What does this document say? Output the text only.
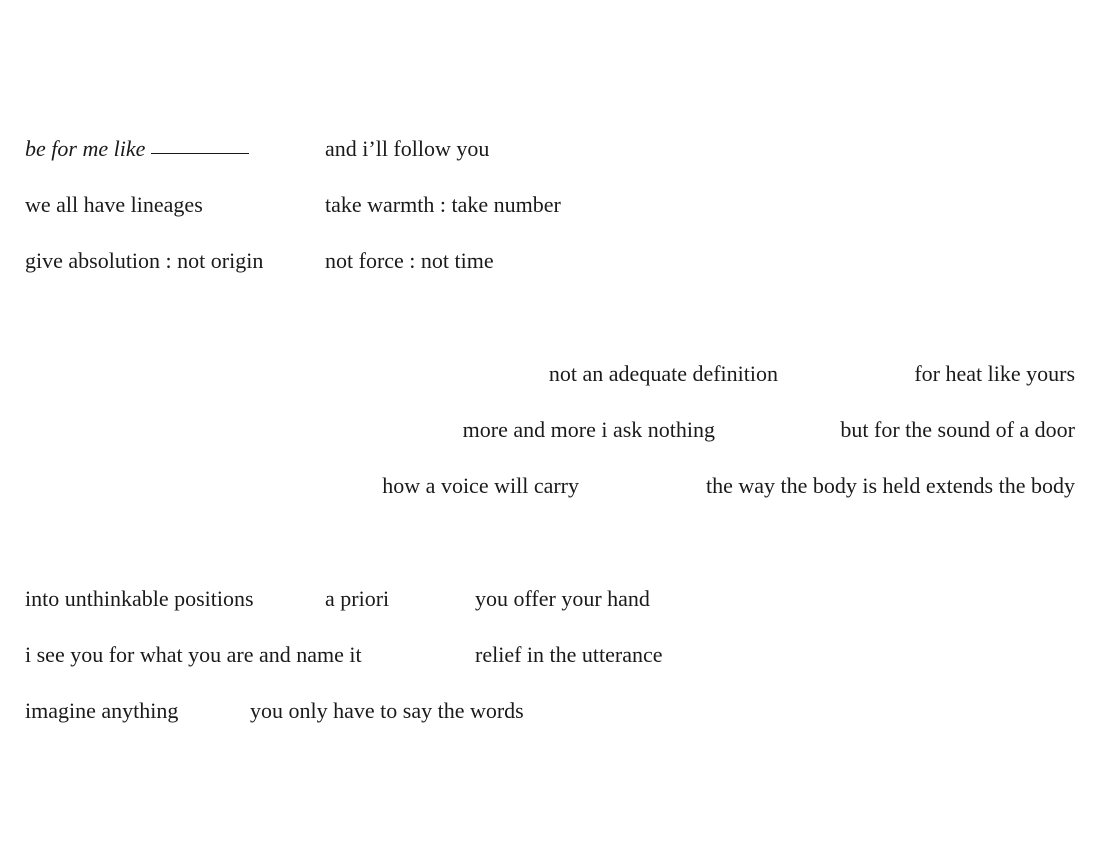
be for me like	and i’ll follow you
we all have lineages	take warmth : take number
give absolution : not origin	not force : not time
not an adequate definition	for heat like yours
more and more i ask nothing	but for the sound of a door
how a voice will carry	the way the body is held extends the body
into unthinkable positions	a priori	you offer your hand
i see you for what you are and name it	relief in the utterance
imagine anything	you only have to say the words
